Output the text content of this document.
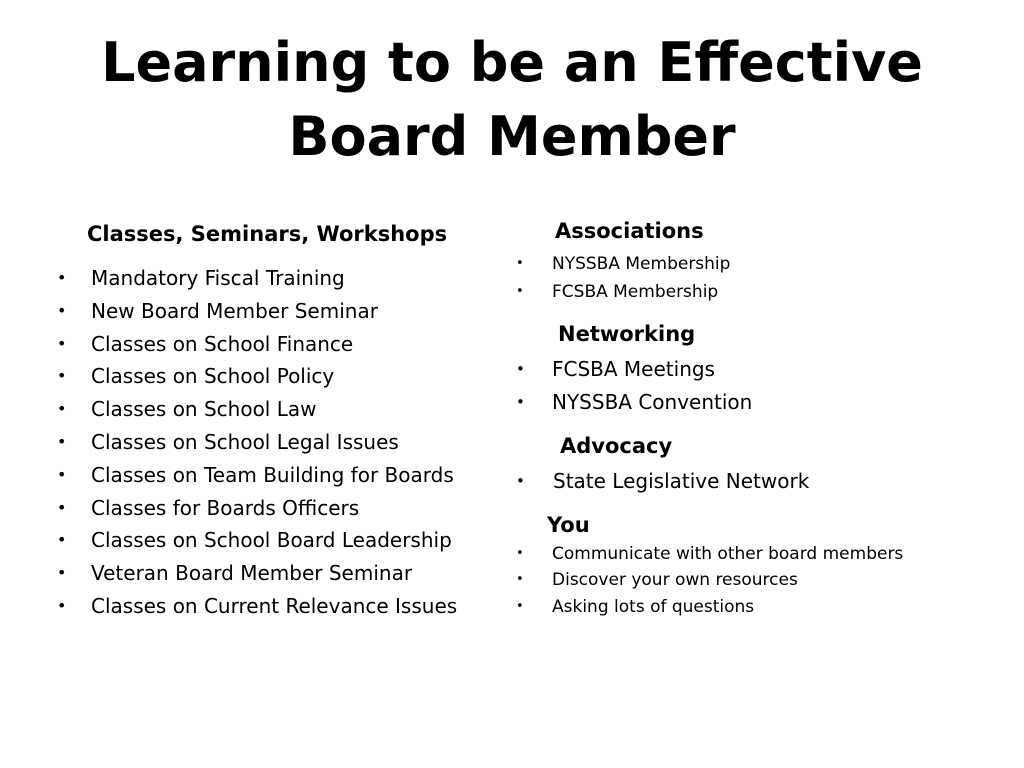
Learning to be an Effective
Board Member
Classes, Seminars, Workshops
• Mandatory Fiscal Training
• New Board Member Seminar
• Classes on School Finance
• Classes on School Policy
• Classes on School Law
• Classes on School Legal Issues
• Classes on Team Building for Boards
• Classes for Boards Officers
• Classes on School Board Leadership
• Veteran Board Member Seminar
• Classes on Current Relevance Issues
Associations
• NYSSBA Membership
• FCSBA Membership
Networking
• FCSBA Meetings
• NYSSBA Convention
Advocacy
• State Legislative Network
You
• Communicate with other board members
• Discover your own resources
• Asking lots of questions
